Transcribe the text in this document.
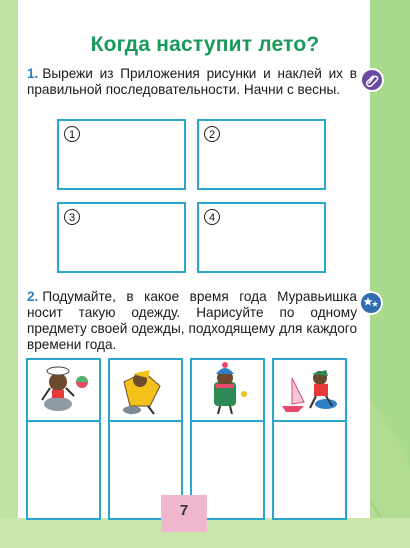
Когда наступит лето?
1. Вырежи из Приложения рисунки и наклей их в правильной последовательности. Начни с весны.
1	2
3	4
2. Подумайте, в какое время года Муравьишка носит такую одежду. Нарисуйте по одному предмету своей одежды, подходящему для каждого времени года.
7
